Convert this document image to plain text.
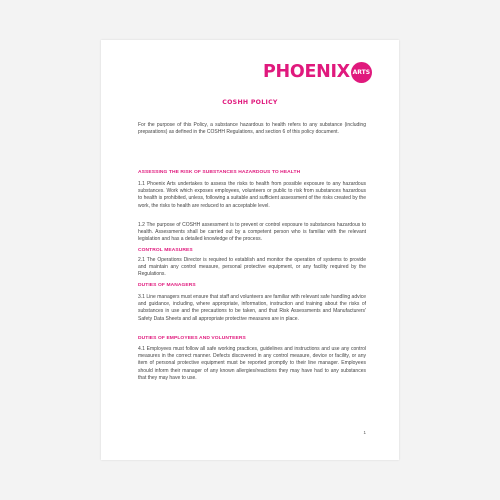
PHOENIX ARTS
COSHH POLICY

For the purpose of this Policy, a substance hazardous to health refers to any substance (including preparations) as defined in the COSHH Regulations, and section 6 of this policy document.

ASSESSING THE RISK OF SUBSTANCES HAZARDOUS TO HEALTH

1.1 Phoenix Arts undertakes to assess the risks to health from possible exposure to any hazardous substances. Work which exposes employees, volunteers or public to risk from substances hazardous to health is prohibited, unless, following a suitable and sufficient assessment of the risks created by the work, the risks to health are reduced to an acceptable level.

1.2 The purpose of COSHH assessment is to prevent or control exposure to substances hazardous to health. Assessments shall be carried out by a competent person who is familiar with the relevant legislation and has a detailed knowledge of the process.

CONTROL MEASURES

2.1 The Operations Director is required to establish and monitor the operation of systems to provide and maintain any control measure, personal protective equipment, or any facility required by the Regulations.

DUTIES OF MANAGERS

3.1 Line managers must ensure that staff and volunteers are familiar with relevant safe handling advice and guidance, including, where appropriate, information, instruction and training about the risks of substances in use and the precautions to be taken, and that Risk Assessments and Manufacturers' Safety Data Sheets and all appropriate protective measures are in place.

DUTIES OF EMPLOYEES AND VOLUNTEERS

4.1 Employees must follow all safe working practices, guidelines and instructions and use any control measures in the correct manner. Defects discovered in any control measure, device or facility, or any item of personal protective equipment must be reported promptly to their line manager. Employees should inform their manager of any known allergies/reactions they may have had to any substances that they may have to use.

1
